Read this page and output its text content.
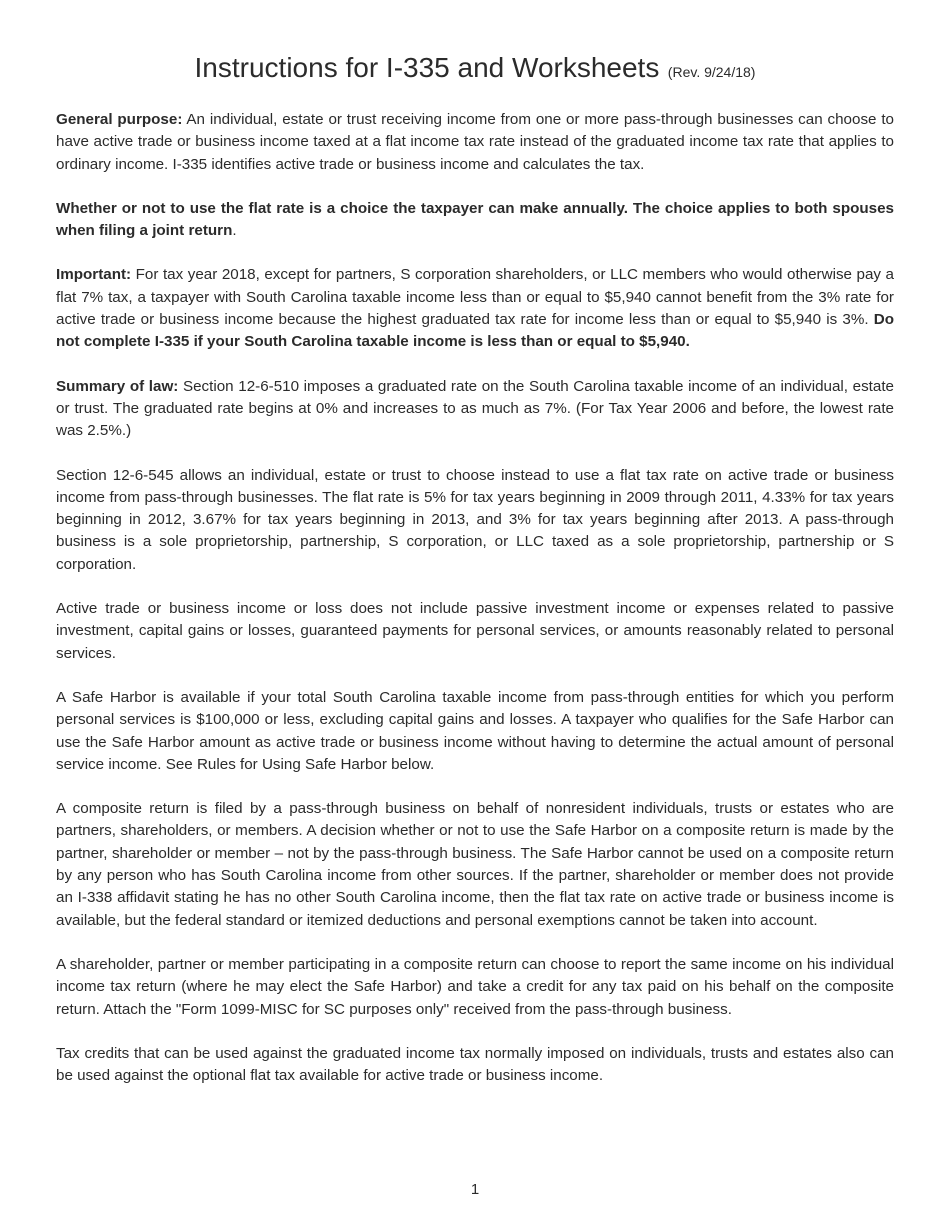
Instructions for I-335 and Worksheets (Rev. 9/24/18)

General purpose: An individual, estate or trust receiving income from one or more pass-through businesses can choose to have active trade or business income taxed at a flat income tax rate instead of the graduated income tax rate that applies to ordinary income. I-335 identifies active trade or business income and calculates the tax.

Whether or not to use the flat rate is a choice the taxpayer can make annually. The choice applies to both spouses when filing a joint return.

Important: For tax year 2018, except for partners, S corporation shareholders, or LLC members who would otherwise pay a flat 7% tax, a taxpayer with South Carolina taxable income less than or equal to $5,940 cannot benefit from the 3% rate for active trade or business income because the highest graduated tax rate for income less than or equal to $5,940 is 3%. Do not complete I-335 if your South Carolina taxable income is less than or equal to $5,940.

Summary of law: Section 12-6-510 imposes a graduated rate on the South Carolina taxable income of an individual, estate or trust. The graduated rate begins at 0% and increases to as much as 7%. (For Tax Year 2006 and before, the lowest rate was 2.5%.)

Section 12-6-545 allows an individual, estate or trust to choose instead to use a flat tax rate on active trade or business income from pass-through businesses. The flat rate is 5% for tax years beginning in 2009 through 2011, 4.33% for tax years beginning in 2012, 3.67% for tax years beginning in 2013, and 3% for tax years beginning after 2013. A pass-through business is a sole proprietorship, partnership, S corporation, or LLC taxed as a sole proprietorship, partnership or S corporation.

Active trade or business income or loss does not include passive investment income or expenses related to passive investment, capital gains or losses, guaranteed payments for personal services, or amounts reasonably related to personal services.

A Safe Harbor is available if your total South Carolina taxable income from pass-through entities for which you perform personal services is $100,000 or less, excluding capital gains and losses. A taxpayer who qualifies for the Safe Harbor can use the Safe Harbor amount as active trade or business income without having to determine the actual amount of personal service income. See Rules for Using Safe Harbor below.

A composite return is filed by a pass-through business on behalf of nonresident individuals, trusts or estates who are partners, shareholders, or members. A decision whether or not to use the Safe Harbor on a composite return is made by the partner, shareholder or member – not by the pass-through business. The Safe Harbor cannot be used on a composite return by any person who has South Carolina income from other sources. If the partner, shareholder or member does not provide an I-338 affidavit stating he has no other South Carolina income, then the flat tax rate on active trade or business income is available, but the federal standard or itemized deductions and personal exemptions cannot be taken into account.

A shareholder, partner or member participating in a composite return can choose to report the same income on his individual income tax return (where he may elect the Safe Harbor) and take a credit for any tax paid on his behalf on the composite return. Attach the "Form 1099-MISC for SC purposes only" received from the pass-through business.

Tax credits that can be used against the graduated income tax normally imposed on individuals, trusts and estates also can be used against the optional flat tax available for active trade or business income.

1
